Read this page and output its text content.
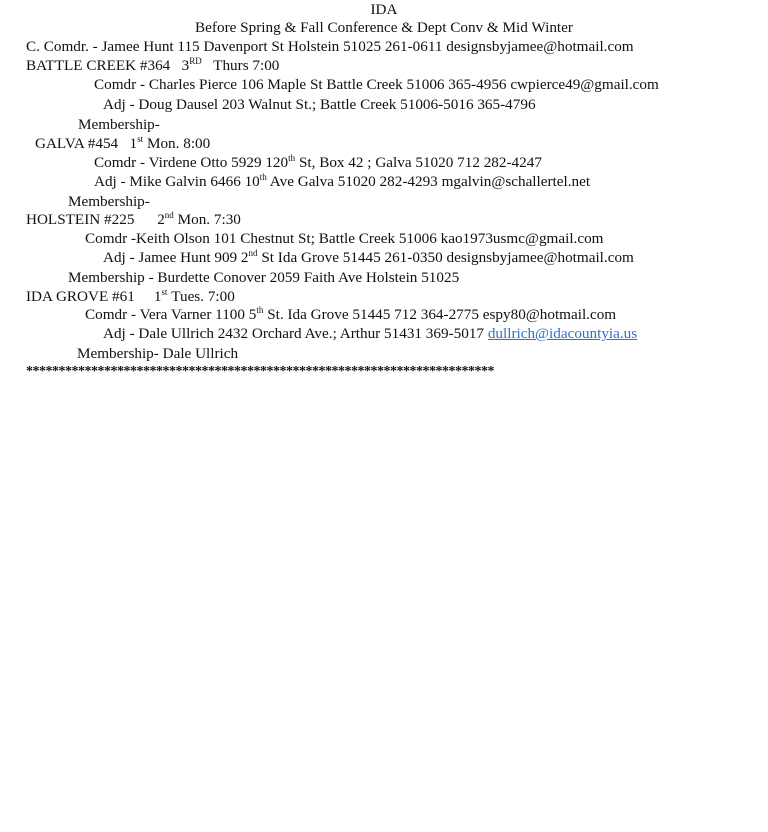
IDA
Before Spring & Fall Conference & Dept Conv & Mid Winter
C. Comdr. - Jamee Hunt 115 Davenport St Holstein 51025 261-0611 designsbyjamee@hotmail.com
BATTLE CREEK #364 3RD Thurs 7:00
Comdr - Charles Pierce 106 Maple St Battle Creek 51006 365-4956 cwpierce49@gmail.com
Adj - Doug Dausel 203 Walnut St.; Battle Creek 51006-5016 365-4796
Membership-
GALVA #454 1st Mon. 8:00
Comdr - Virdene Otto 5929 120th St, Box 42 ; Galva 51020 712 282-4247
Adj - Mike Galvin 6466 10th Ave Galva 51020 282-4293 mgalvin@schallertel.net
Membership-
HOLSTEIN #225 2nd Mon. 7:30
Comdr -Keith Olson 101 Chestnut St; Battle Creek 51006 kao1973usmc@gmail.com
Adj - Jamee Hunt 909 2nd St Ida Grove 51445 261-0350 designsbyjamee@hotmail.com
Membership - Burdette Conover 2059 Faith Ave Holstein 51025
IDA GROVE #61 1st Tues. 7:00
Comdr - Vera Varner 1100 5th St. Ida Grove 51445 712 364-2775 espy80@hotmail.com
Adj - Dale Ullrich 2432 Orchard Ave.; Arthur 51431 369-5017 dullrich@idacountyia.us
Membership- Dale Ullrich
************************************************************************
